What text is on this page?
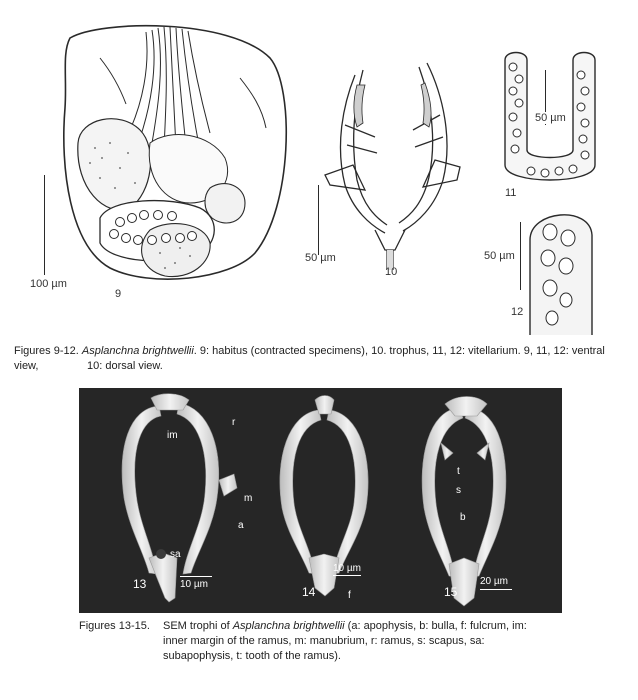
100 µm
9
50 µm
10
50 µm
11
50 µm
12
Figures 9-12. Asplanchna brightwellii. 9: habitus (contracted specimens), 10. trophus, 11, 12: vitellarium. 9, 11, 12: ventral view,	10: dorsal view.
im
r
m
a
sa
f
t
s
b
13	10 µm
14
10 µm
15
20 µm
Figures 13-15. SEM trophi of Asplanchna brightwellii (a: apophysis, b: bulla, f: fulcrum, im:
inner margin of the ramus, m: manubrium, r: ramus, s: scapus, sa:
subapophysis, t: tooth of the ramus).
